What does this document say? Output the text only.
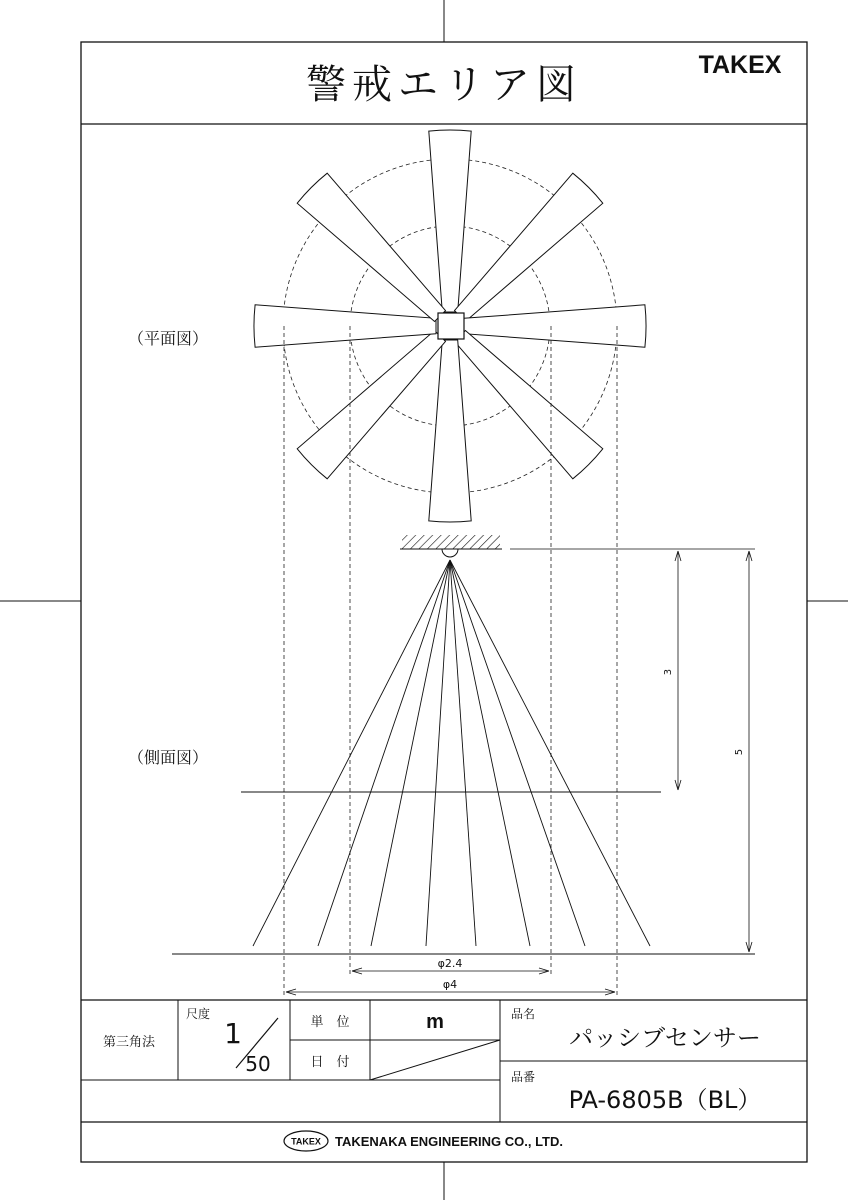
警戒エリア図	TAKEX
（平面図）
（側面図）
3
5
φ2.4
φ4
第三角法
尺度
1
50
単　位	m
日　付
品名
パッシブセンサー
品番
PA-6805B（BL）
TAKEX TAKENAKA ENGINEERING CO., LTD.
